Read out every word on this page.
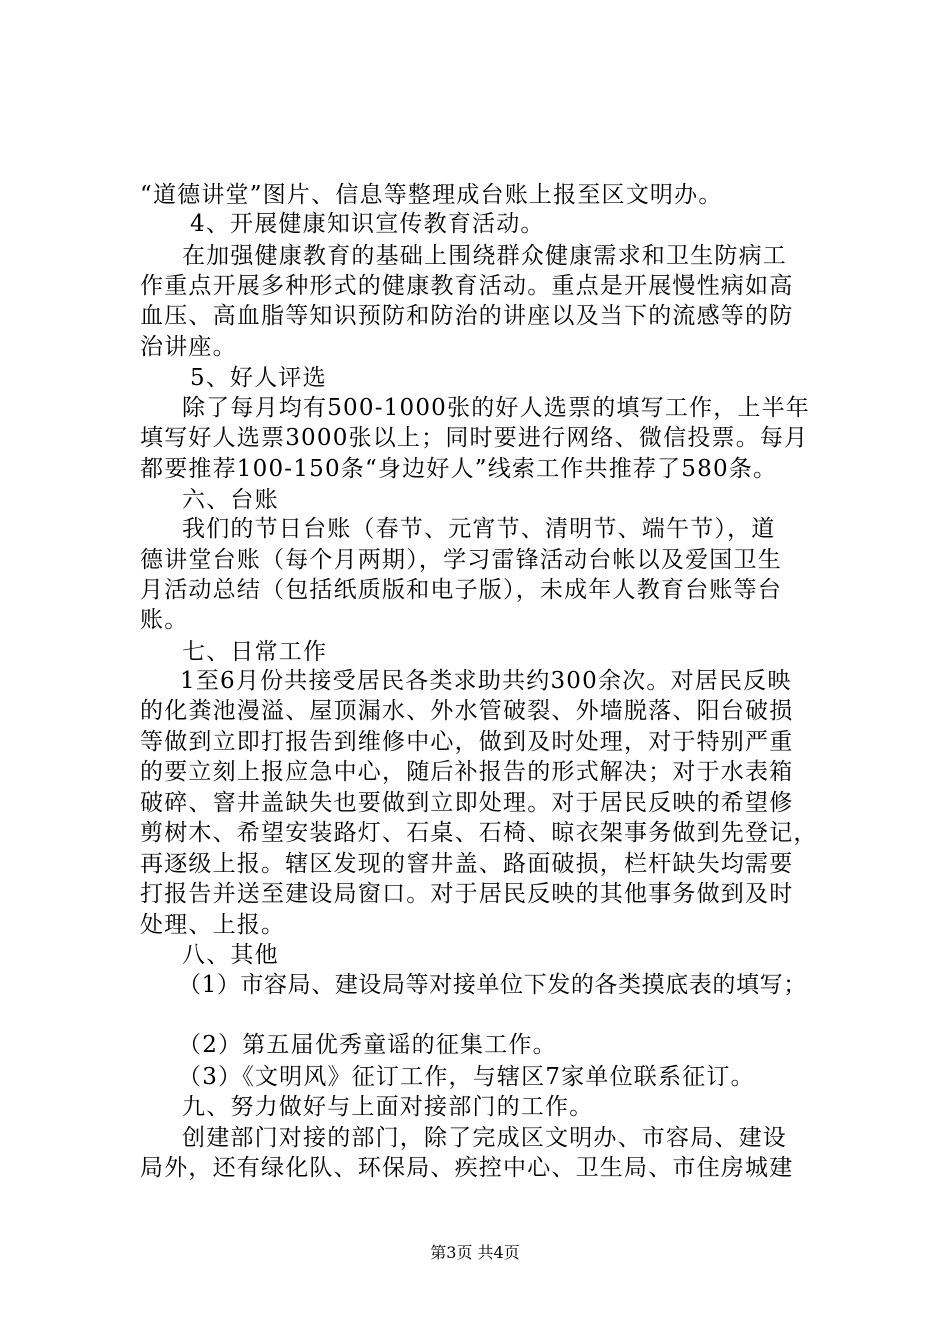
“道德讲堂”图片、信息等整理成台账上报至区文明办。
4、开展健康知识宣传教育活动。
在加强健康教育的基础上围绕群众健康需求和卫生防病工
作重点开展多种形式的健康教育活动。重点是开展慢性病如高
血压、高血脂等知识预防和防治的讲座以及当下的流感等的防
治讲座。
5、好人评选
除了每月均有500-1000张的好人选票的填写工作，上半年
填写好人选票3000张以上；同时要进行网络、微信投票。每月
都要推荐100-150条“身边好人”线索工作共推荐了580条。
六、台账
我们的节日台账（春节、元宵节、清明节、端午节），道
德讲堂台账（每个月两期），学习雷锋活动台帐以及爱国卫生
月活动总结（包括纸质版和电子版），未成年人教育台账等台
账。
七、日常工作
1至6月份共接受居民各类求助共约300余次。对居民反映
的化粪池漫溢、屋顶漏水、外水管破裂、外墙脱落、阳台破损
等做到立即打报告到维修中心，做到及时处理，对于特别严重
的要立刻上报应急中心，随后补报告的形式解决；对于水表箱
破碎、窨井盖缺失也要做到立即处理。对于居民反映的希望修
剪树木、希望安装路灯、石桌、石椅、晾衣架事务做到先登记，
再逐级上报。辖区发现的窨井盖、路面破损，栏杆缺失均需要
打报告并送至建设局窗口。对于居民反映的其他事务做到及时
处理、上报。
八、其他
（1）市容局、建设局等对接单位下发的各类摸底表的填写；
（2）第五届优秀童谣的征集工作。
（3）《文明风》征订工作，与辖区7家单位联系征订。
九、努力做好与上面对接部门的工作。
创建部门对接的部门，除了完成区文明办、市容局、建设
局外，还有绿化队、环保局、疾控中心、卫生局、市住房城建
第3页 共4页
